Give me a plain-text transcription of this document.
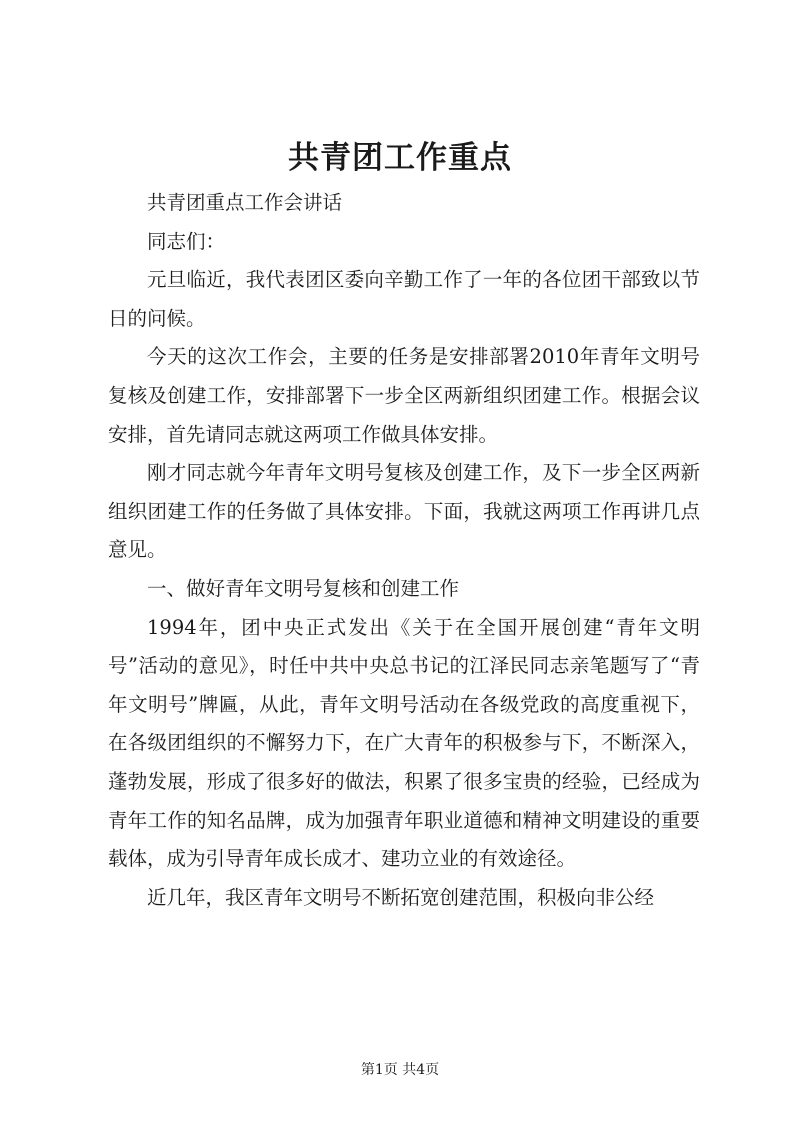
共青团工作重点

共青团重点工作会讲话

同志们：

元旦临近，我代表团区委向辛勤工作了一年的各位团干部致以节日的问候。

今天的这次工作会，主要的任务是安排部署2010年青年文明号复核及创建工作，安排部署下一步全区两新组织团建工作。根据会议安排，首先请同志就这两项工作做具体安排。

刚才同志就今年青年文明号复核及创建工作，及下一步全区两新组织团建工作的任务做了具体安排。下面，我就这两项工作再讲几点意见。

一、做好青年文明号复核和创建工作

1994年，团中央正式发出《关于在全国开展创建“青年文明号”活动的意见》，时任中共中央总书记的江泽民同志亲笔题写了“青年文明号”牌匾，从此，青年文明号活动在各级党政的高度重视下，在各级团组织的不懈努力下，在广大青年的积极参与下，不断深入，蓬勃发展，形成了很多好的做法，积累了很多宝贵的经验，已经成为青年工作的知名品牌，成为加强青年职业道德和精神文明建设的重要载体，成为引导青年成长成才、建功立业的有效途径。

近几年，我区青年文明号不断拓宽创建范围，积极向非公经

第1页 共4页
